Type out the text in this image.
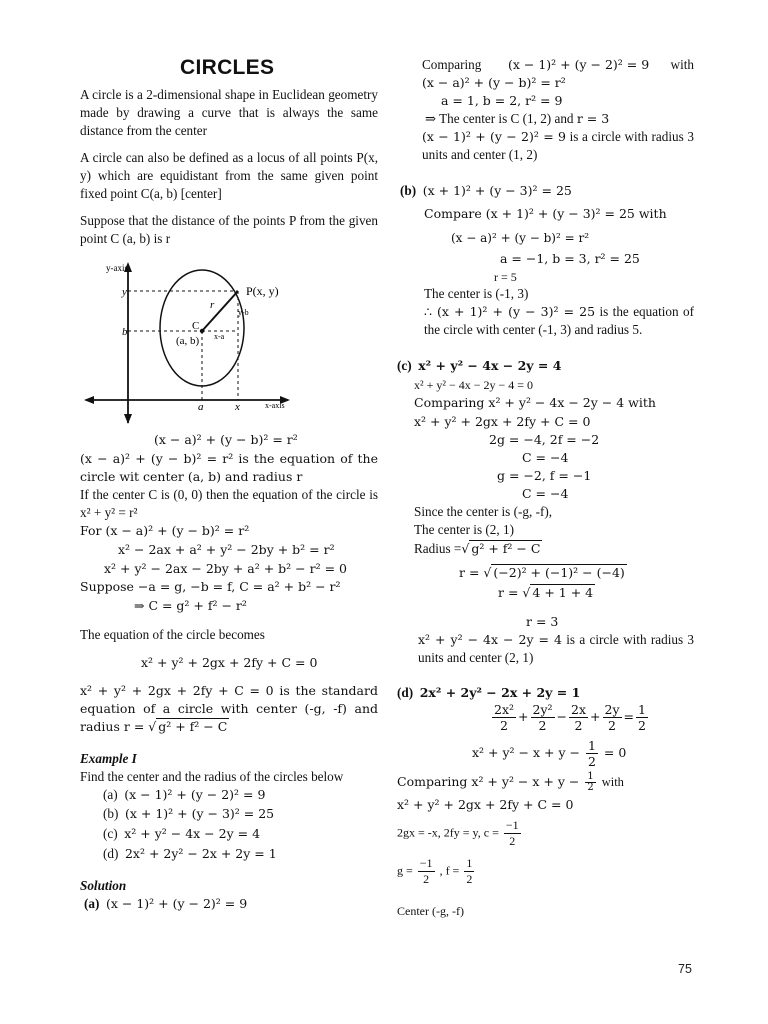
CIRCLES
A circle is a 2-dimensional shape in Euclidean geometry made by drawing a curve that is always the same distance from the center
A circle can also be defined as a locus of all points P(x, y) which are equidistant from the same given point fixed point C(a, b) [center]
Suppose that the distance of the points P from the given point C (a, b) is r
y-axis
x-axis
y
b
a	x
P(x, y)
r
C
(a, b)
y-b
x-a
(x − a)² + (y − b)² = r²
(x − a)² + (y − b)² = r² is the equation of the circle wit center (a, b) and radius r
If the center C is (0, 0) then the equation of the circle is x² + y² = r²
For (x − a)² + (y − b)² = r²
x² − 2ax + a² + y² − 2by + b² = r²
x² + y² − 2ax − 2by + a² + b² − r² = 0
Suppose −a = g, −b = f, C = a² + b² − r²
⇒ C = g² + f² − r²
The equation of the circle becomes
x² + y² + 2gx + 2fy + C = 0
x² + y² + 2gx + 2fy + C = 0 is the standard equation of a circle with center (-g, -f) and radius r = √ g² + f² − C
Example I
Find the center and the radius of the circles below
(a) (x − 1)² + (y − 2)² = 9
(b) (x + 1)² + (y − 3)² = 25
(c) x² + y² − 4x − 2y = 4
(d) 2x² + 2y² − 2x + 2y = 1
Solution
(a) (x − 1)² + (y − 2)² = 9
Comparing (x − 1)² + (y − 2)² = 9 with
(x − a)² + (y − b)² = r²
a = 1, b = 2, r² = 9
⇒ The center is C (1, 2) and r = 3
(x − 1)² + (y − 2)² = 9 is a circle with radius 3 units and center (1, 2)
(b) (x + 1)² + (y − 3)² = 25
Compare (x + 1)² + (y − 3)² = 25 with
(x − a)² + (y − b)² = r²
a = −1, b = 3, r² = 25
r = 5
The center is (-1, 3)
∴ (x + 1)² + (y − 3)² = 25 is the equation of the circle with center (-1, 3) and radius 5.
(c) x² + y² − 4x − 2y = 4
x² + y² − 4x − 2y − 4 = 0
Comparing x² + y² − 4x − 2y − 4 with
x² + y² + 2gx + 2fy + C = 0
2g = −4, 2f = −2
C = −4
g = −2, f = −1
C = −4
Since the center is (-g, -f),
The center is (2, 1)
Radius =√ g² + f² − C
r = √ (−2)² + (−1)² − (−4)
r = √ 4 + 1 + 4
r = 3
x² + y² − 4x − 2y = 4 is a circle with radius 3 units and center (2, 1)
(d) 2x² + 2y² − 2x + 2y = 1
$\frac{\text{2x²}}{2} + \frac{\text{2y²}}{2} - \frac{2x}{2} + \frac{2y}{2} = \frac{1}{2}$
$x^2 + y^2 - x + y - \frac{1}{2} = 0$
Comparing $x^2 + y^2 - x + y - \frac{1}{2}$ with
x² + y² + 2gx + 2fy + C = 0
2gx = -x, 2fy = y, $c = \frac{-1}{2}$
$g = \frac{-1}{2}$ , $f = \frac{1}{2}$
Center (-g, -f)
75
